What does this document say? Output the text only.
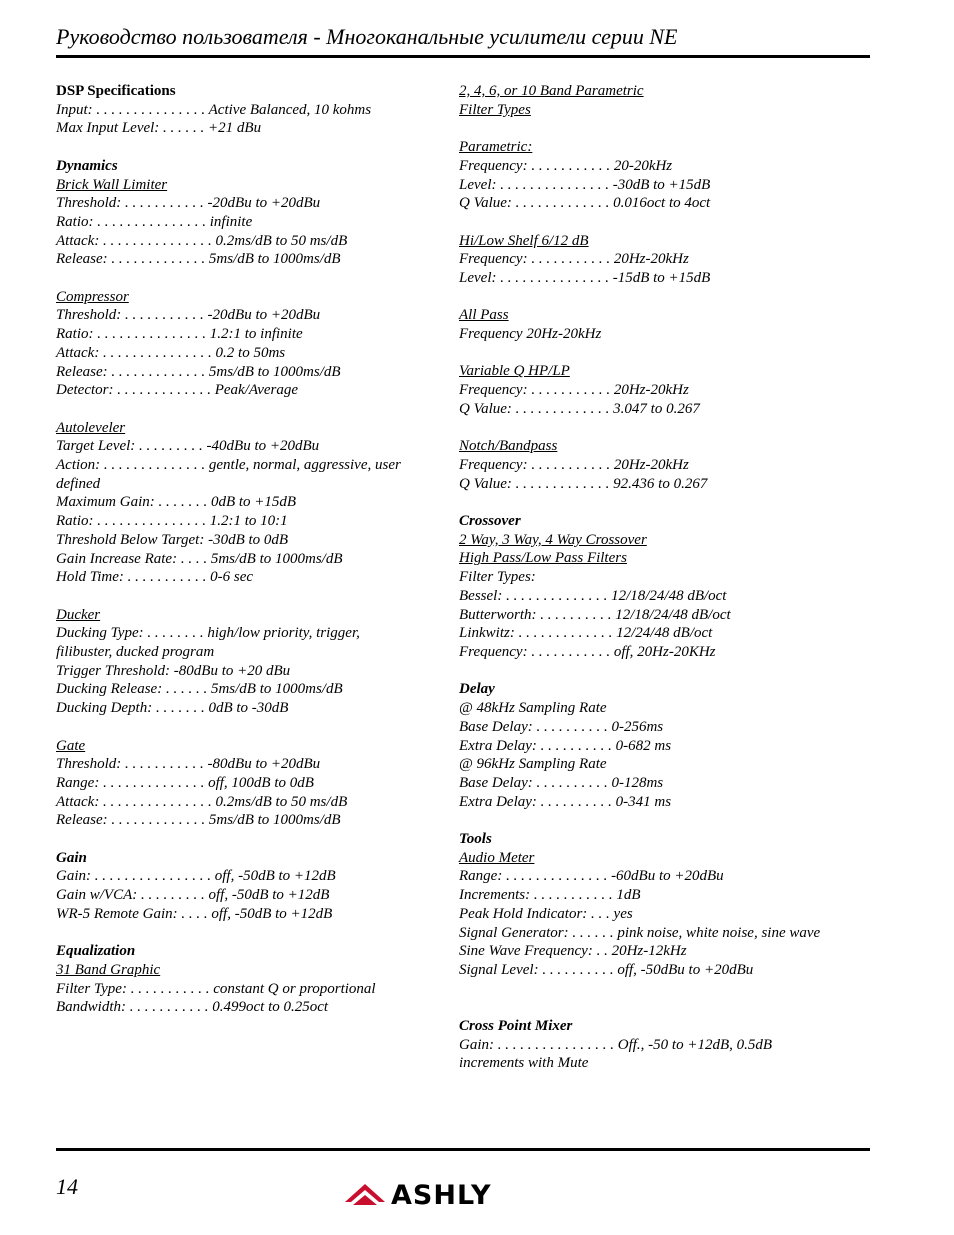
Руководство пользователя - Многоканальные усилители серии NE
DSP Specifications
Input: . . . . . . . . . . . . . . . Active Balanced, 10 kohms
Max Input Level: . . . . . . +21 dBu
Dynamics
Brick Wall Limiter
Threshold: . . . . . . . . . . . -20dBu to +20dBu
Ratio: . . . . . . . . . . . . . . . infinite
Attack: . . . . . . . . . . . . . . . 0.2ms/dB to 50 ms/dB
Release: . . . . . . . . . . . . . 5ms/dB to 1000ms/dB
Compressor
Threshold: . . . . . . . . . . . -20dBu to +20dBu
Ratio: . . . . . . . . . . . . . . . 1.2:1 to infinite
Attack: . . . . . . . . . . . . . . . 0.2 to 50ms
Release: . . . . . . . . . . . . . 5ms/dB to 1000ms/dB
Detector: . . . . . . . . . . . . . Peak/Average
Autoleveler
Target Level: . . . . . . . . . -40dBu to +20dBu
Action: . . . . . . . . . . . . . . gentle, normal, aggressive, user
defined
Maximum Gain: . . . . . . . 0dB to +15dB
Ratio: . . . . . . . . . . . . . . . 1.2:1 to 10:1
Threshold Below Target: -30dB to 0dB
Gain Increase Rate: . . . . 5ms/dB to 1000ms/dB
Hold Time: . . . . . . . . . . . 0-6 sec
Ducker
Ducking Type: . . . . . . . . high/low priority, trigger,
filibuster, ducked program
Trigger Threshold: -80dBu to +20 dBu
Ducking Release: . . . . . . 5ms/dB to 1000ms/dB
Ducking Depth: . . . . . . . 0dB to -30dB
Gate
Threshold: . . . . . . . . . . . -80dBu to +20dBu
Range: . . . . . . . . . . . . . . off, 100dB to 0dB
Attack: . . . . . . . . . . . . . . . 0.2ms/dB to 50 ms/dB
Release: . . . . . . . . . . . . . 5ms/dB to 1000ms/dB
Gain
Gain: . . . . . . . . . . . . . . . . off, -50dB to +12dB
Gain w/VCA: . . . . . . . . . off, -50dB to +12dB
WR-5 Remote Gain: . . . . off, -50dB to +12dB
Equalization
31 Band Graphic
Filter Type: . . . . . . . . . . . constant Q or proportional
Bandwidth: . . . . . . . . . . . 0.499oct to 0.25oct
2, 4, 6, or 10 Band Parametric
Filter Types
Parametric:
Frequency: . . . . . . . . . . . 20-20kHz
Level: . . . . . . . . . . . . . . . -30dB to +15dB
Q Value: . . . . . . . . . . . . . 0.016oct to 4oct
Hi/Low Shelf 6/12 dB
Frequency: . . . . . . . . . . . 20Hz-20kHz
Level: . . . . . . . . . . . . . . . -15dB to +15dB
All Pass
Frequency 20Hz-20kHz
Variable Q HP/LP
Frequency: . . . . . . . . . . . 20Hz-20kHz
Q Value: . . . . . . . . . . . . . 3.047 to 0.267
Notch/Bandpass
Frequency: . . . . . . . . . . . 20Hz-20kHz
Q Value: . . . . . . . . . . . . . 92.436 to 0.267
Crossover
2 Way, 3 Way, 4 Way Crossover
High Pass/Low Pass Filters
Filter Types:
Bessel: . . . . . . . . . . . . . . 12/18/24/48 dB/oct
Butterworth: . . . . . . . . . . 12/18/24/48 dB/oct
Linkwitz: . . . . . . . . . . . . . 12/24/48 dB/oct
Frequency: . . . . . . . . . . . off, 20Hz-20KHz
Delay
@ 48kHz Sampling Rate
Base Delay: . . . . . . . . . . 0-256ms
Extra Delay: . . . . . . . . . . 0-682 ms
@ 96kHz Sampling Rate
Base Delay: . . . . . . . . . . 0-128ms
Extra Delay: . . . . . . . . . . 0-341 ms
Tools
Audio Meter
Range: . . . . . . . . . . . . . . -60dBu to +20dBu
Increments: . . . . . . . . . . . 1dB
Peak Hold Indicator: . . . yes
Signal Generator: . . . . . . pink noise, white noise, sine wave
Sine Wave Frequency: . . 20Hz-12kHz
Signal Level: . . . . . . . . . . off, -50dBu to +20dBu
Cross Point Mixer
Gain: . . . . . . . . . . . . . . . . Off., -50 to +12dB, 0.5dB
increments with Mute
14	ASHLY
